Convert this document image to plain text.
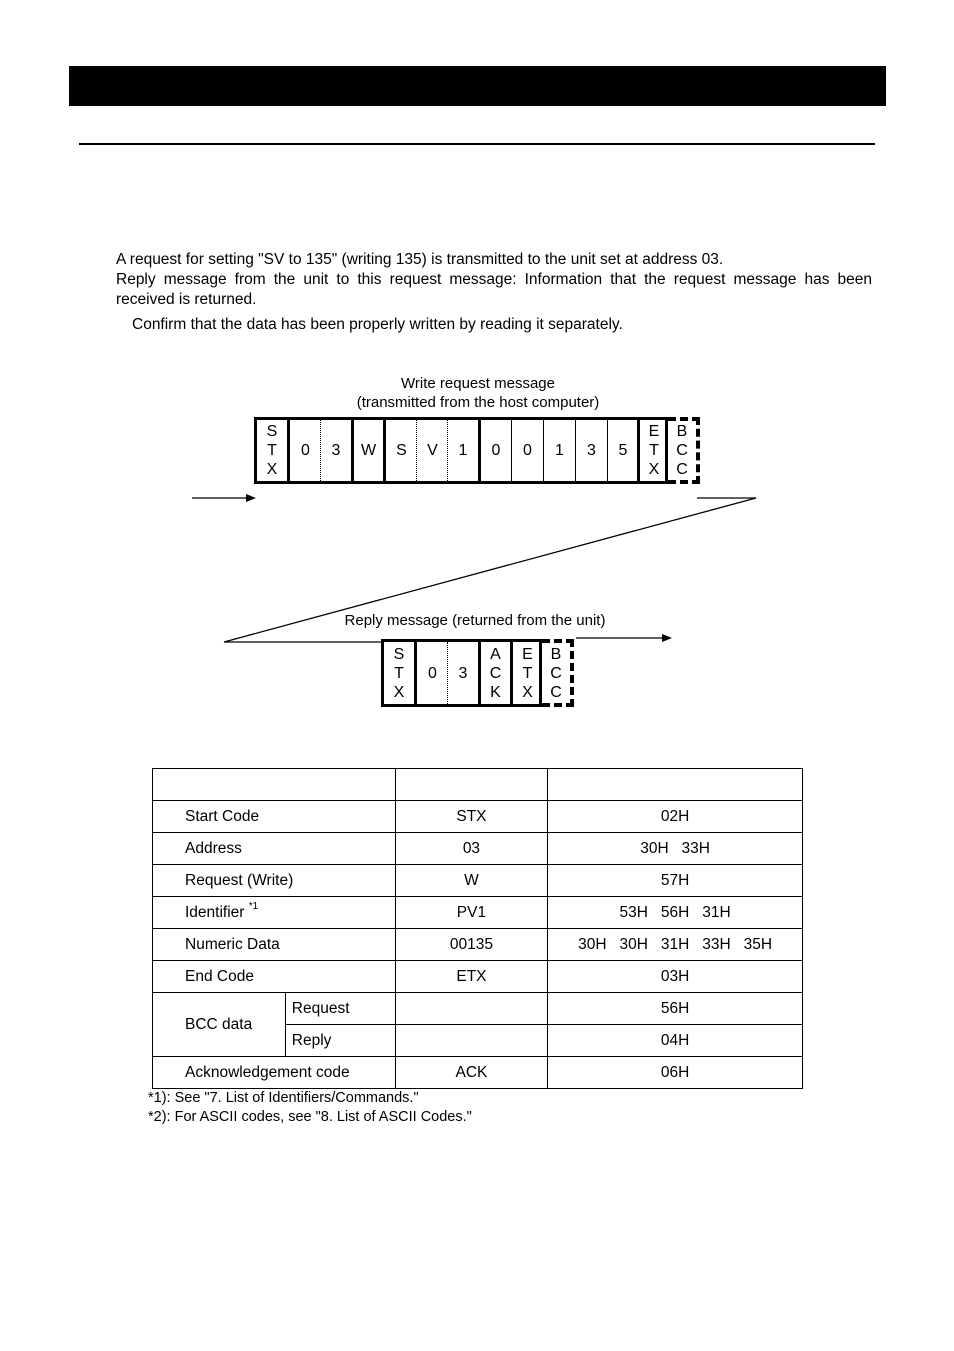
A request for setting "SV to 135" (writing 135) is transmitted to the unit set at address 03.
Reply message from the unit to this request message: Information that the request message has been received is returned.
Confirm that the data has been properly written by reading it separately.
Write request message
(transmitted from the host computer)
S
T
X
0 3 W S V 1 0 0 1 3 5
E
T
X
B
C
C
Reply message (returned from the unit)
S
T
X
0 3
A
C
K
E
T
X
B
C
C

Start Code		STX	02H
Address		03	30H   33H
Request (Write)		W	57H
Identifier $^{*1}$		PV1	53H   56H   31H
Numeric Data		00135	30H   30H   31H   33H   35H
End Code		ETX	03H
BCC data	Request		56H
	Reply		04H
Acknowledgement code		ACK	06H
*1): See "7. List of Identifiers/Commands."
*2): For ASCII codes, see "8. List of ASCII Codes."
